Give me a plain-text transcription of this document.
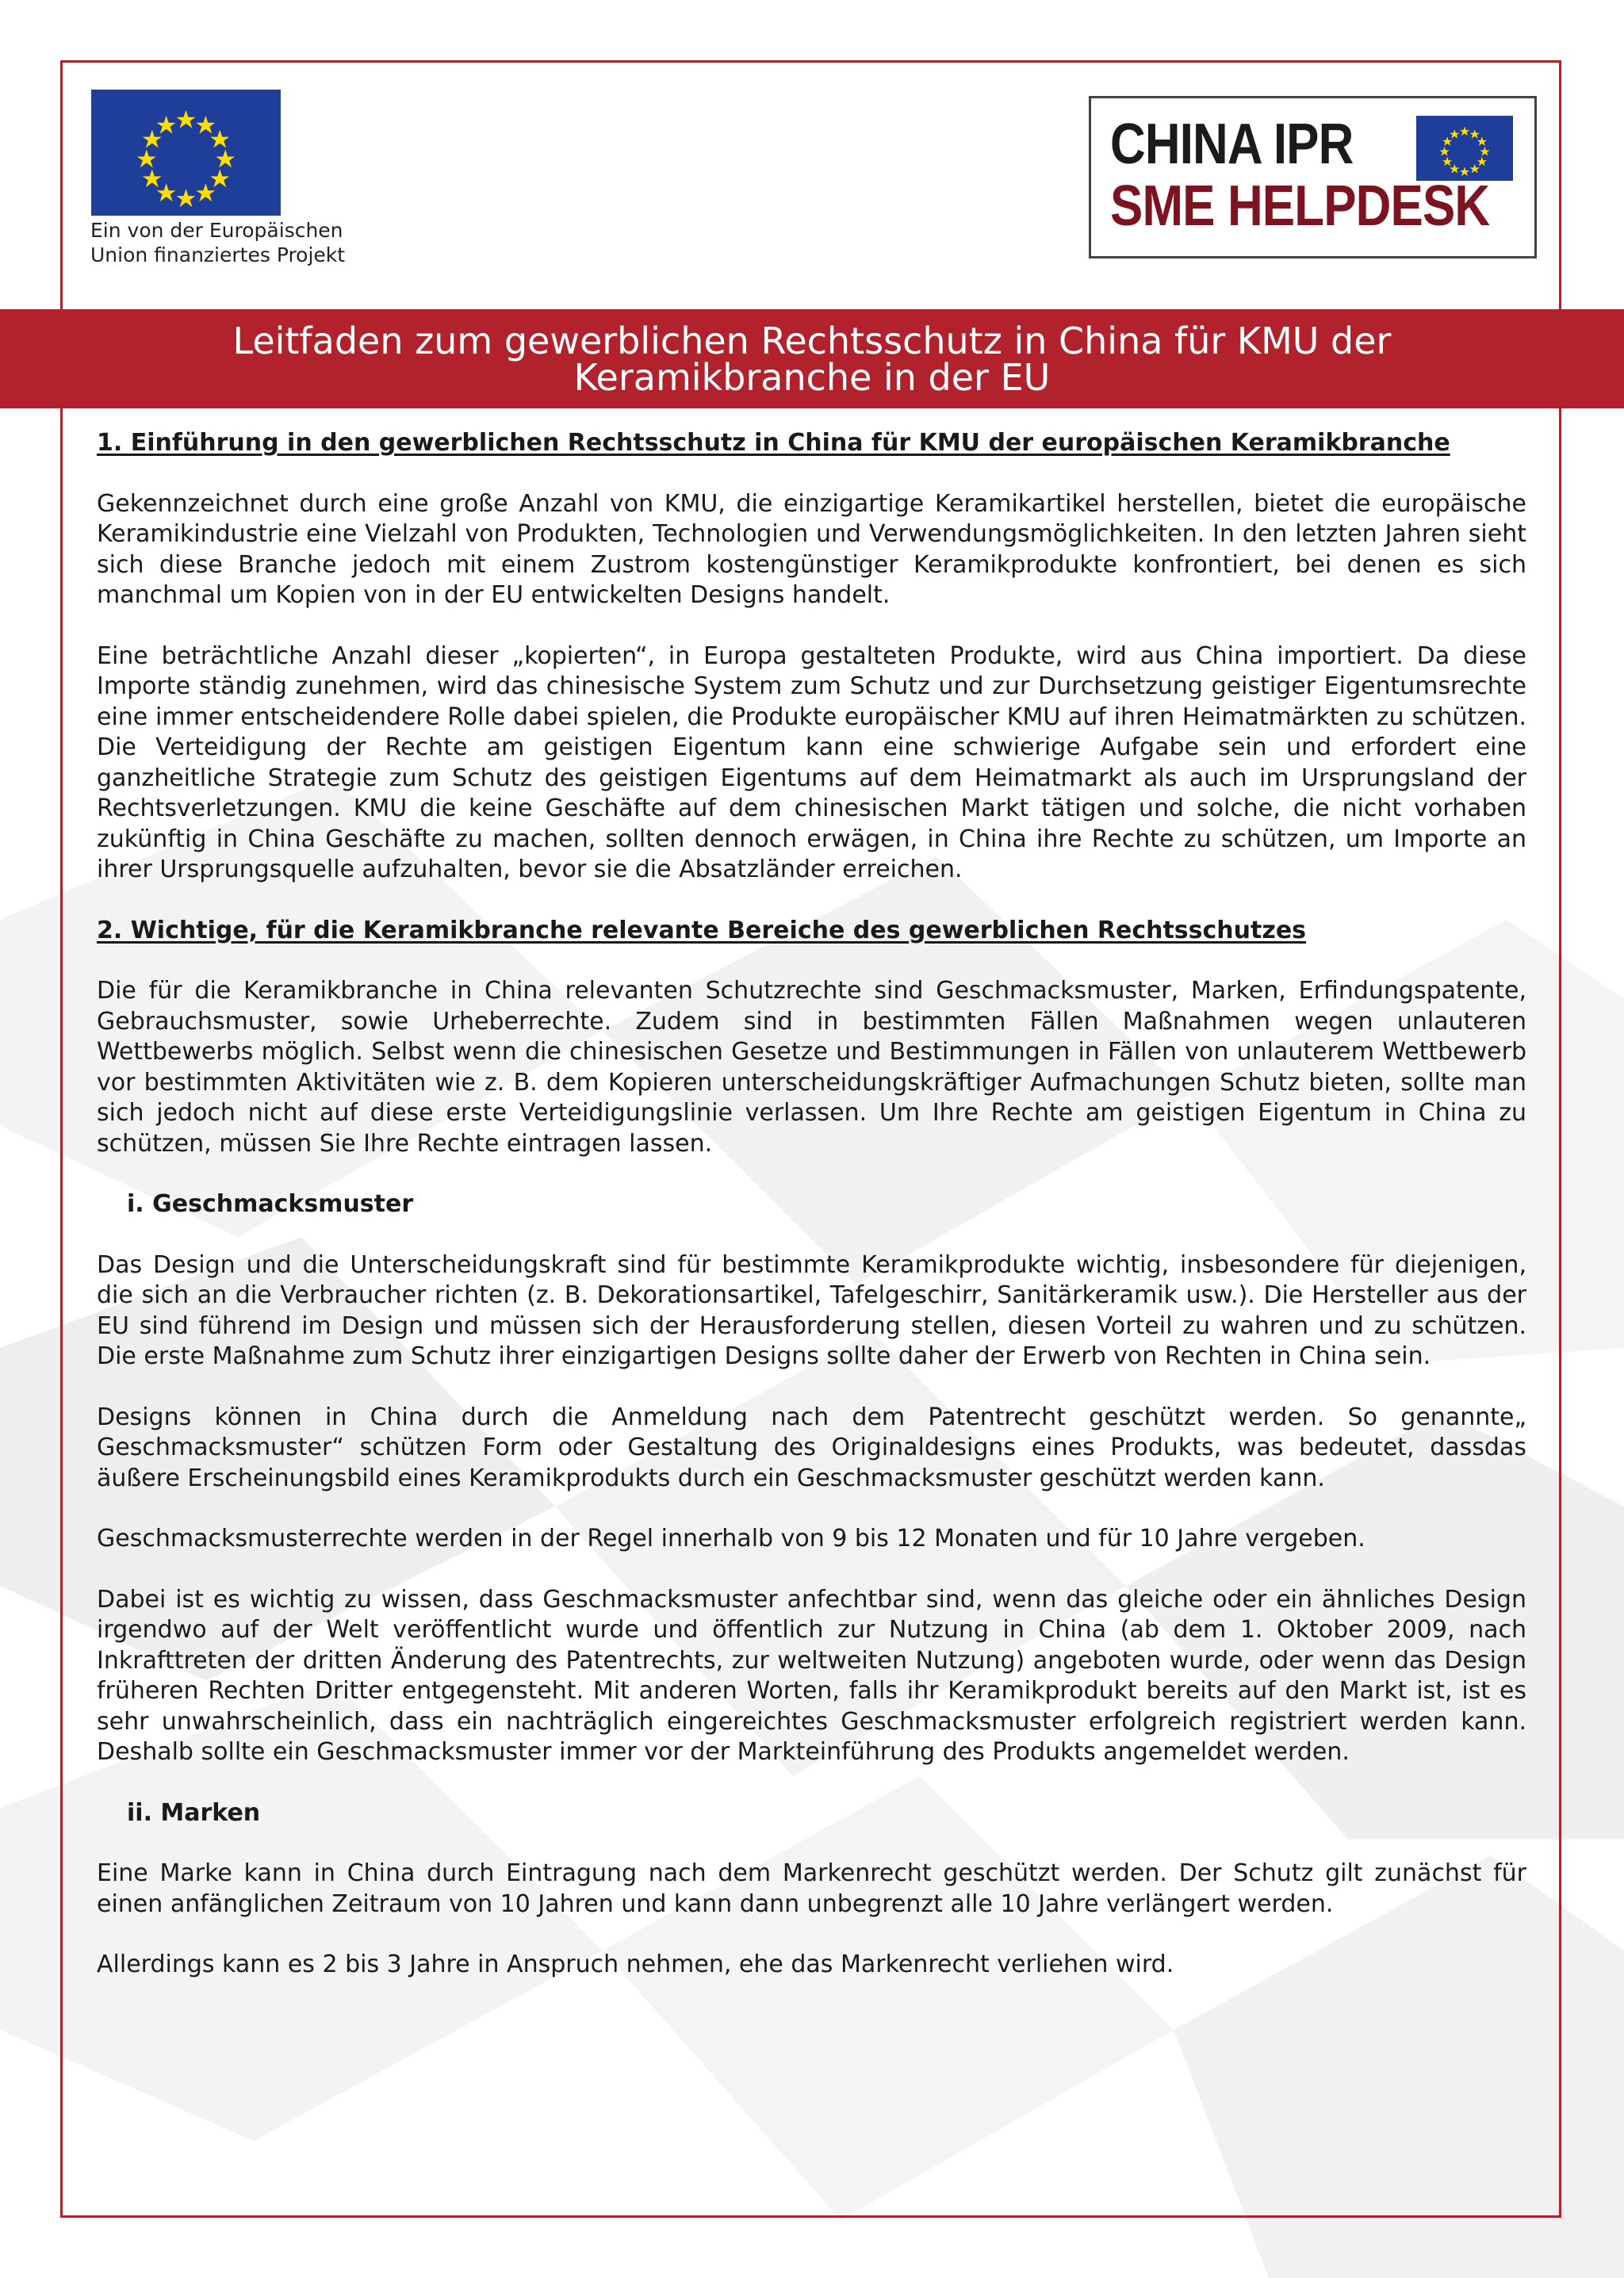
Ein von der Europäischen
Union finanziertes Projekt
CHINA IPR
SME HELPDESK
Leitfaden zum gewerblichen Rechtsschutz in China für KMU der
Keramikbranche in der EU
1. Einführung in den gewerblichen Rechtsschutz in China für KMU der europäischen Keramikbranche

Gekennzeichnet durch eine große Anzahl von KMU, die einzigartige Keramikartikel herstellen, bietet die europäische Keramikindustrie eine Vielzahl von Produkten, Technologien und Verwendungsmöglichkeiten. In den letzten Jahren sieht sich diese Branche jedoch mit einem Zustrom kostengünstiger Keramikprodukte konfrontiert, bei denen es sich manchmal um Kopien von in der EU entwickelten Designs handelt.

Eine beträchtliche Anzahl dieser „kopierten“, in Europa gestalteten Produkte, wird aus China importiert. Da diese Importe ständig zunehmen, wird das chinesische System zum Schutz und zur Durchsetzung geistiger Eigentumsrechte eine immer entscheidendere Rolle dabei spielen, die Produkte europäischer KMU auf ihren Heimatmärkten zu schützen. Die Verteidigung der Rechte am geistigen Eigentum kann eine schwierige Aufgabe sein und erfordert eine ganzheitliche Strategie zum Schutz des geistigen Eigentums auf dem Heimatmarkt als auch im Ursprungsland der Rechtsverletzungen. KMU die keine Geschäfte auf dem chinesischen Markt tätigen und solche, die nicht vorhaben zukünftig in China Geschäfte zu machen, sollten dennoch erwägen, in China ihre Rechte zu schützen, um Importe an ihrer Ursprungsquelle aufzuhalten, bevor sie die Absatzländer erreichen.

2. Wichtige, für die Keramikbranche relevante Bereiche des gewerblichen Rechtsschutzes

Die für die Keramikbranche in China relevanten Schutzrechte sind Geschmacksmuster, Marken, Erfindungspatente, Gebrauchsmuster, sowie Urheberrechte. Zudem sind in bestimmten Fällen Maßnahmen wegen unlauteren Wettbewerbs möglich. Selbst wenn die chinesischen Gesetze und Bestimmungen in Fällen von unlauterem Wettbewerb vor bestimmten Aktivitäten wie z. B. dem Kopieren unterscheidungskräftiger Aufmachungen Schutz bieten, sollte man sich jedoch nicht auf diese erste Verteidigungslinie verlassen. Um Ihre Rechte am geistigen Eigentum in China zu schützen, müssen Sie Ihre Rechte eintragen lassen.

i. Geschmacksmuster

Das Design und die Unterscheidungskraft sind für bestimmte Keramikprodukte wichtig, insbesondere für diejenigen, die sich an die Verbraucher richten (z. B. Dekorationsartikel, Tafelgeschirr, Sanitärkeramik usw.). Die Hersteller aus der EU sind führend im Design und müssen sich der Herausforderung stellen, diesen Vorteil zu wahren und zu schützen. Die erste Maßnahme zum Schutz ihrer einzigartigen Designs sollte daher der Erwerb von Rechten in China sein.

Designs können in China durch die Anmeldung nach dem Patentrecht geschützt werden. So genannte„ Geschmacksmuster“ schützen Form oder Gestaltung des Originaldesigns eines Produkts, was bedeutet, dassdas äußere Erscheinungsbild eines Keramikprodukts durch ein Geschmacksmuster geschützt werden kann.

Geschmacksmusterrechte werden in der Regel innerhalb von 9 bis 12 Monaten und für 10 Jahre vergeben.

Dabei ist es wichtig zu wissen, dass Geschmacksmuster anfechtbar sind, wenn das gleiche oder ein ähnliches Design irgendwo auf der Welt veröffentlicht wurde und öffentlich zur Nutzung in China (ab dem 1. Oktober 2009, nach Inkrafttreten der dritten Änderung des Patentrechts, zur weltweiten Nutzung) angeboten wurde, oder wenn das Design früheren Rechten Dritter entgegensteht. Mit anderen Worten, falls ihr Keramikprodukt bereits auf den Markt ist, ist es sehr unwahrscheinlich, dass ein nachträglich eingereichtes Geschmacksmuster erfolgreich registriert werden kann. Deshalb sollte ein Geschmacksmuster immer vor der Markteinführung des Produkts angemeldet werden.

ii. Marken

Eine Marke kann in China durch Eintragung nach dem Markenrecht geschützt werden. Der Schutz gilt zunächst für einen anfänglichen Zeitraum von 10 Jahren und kann dann unbegrenzt alle 10 Jahre verlängert werden.

Allerdings kann es 2 bis 3 Jahre in Anspruch nehmen, ehe das Markenrecht verliehen wird.
